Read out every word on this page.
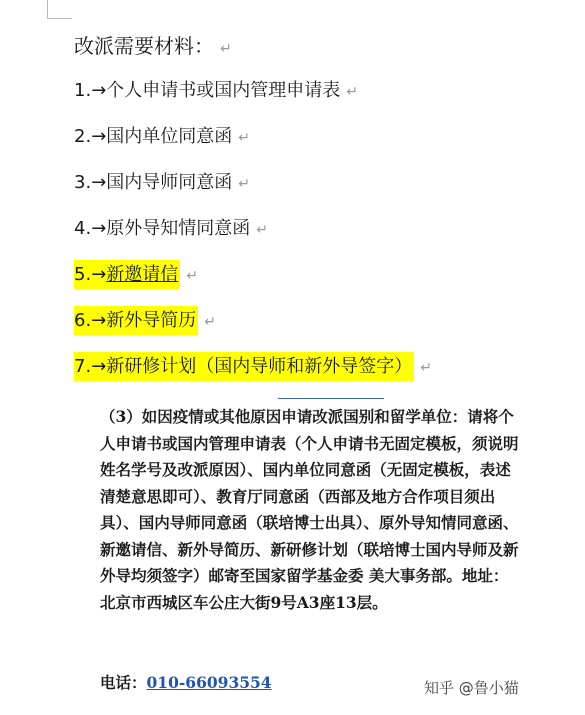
改派需要材料： ↵
1.→个人申请书或国内管理申请表 ↵
2.→国内单位同意函 ↵
3.→国内导师同意函 ↵
4.→原外导知情同意函 ↵
5.→新邀请信 ↵
6.→新外导简历 ↵
7.→新研修计划（国内导师和新外导签字） ↵
（3）如因疫情或其他原因申请改派国别和留学单位：请将个人申请书或国内管理申请表（个人申请书无固定模板，须说明姓名学号及改派原因）、国内单位同意函（无固定模板，表述清楚意思即可）、教育厅同意函（西部及地方合作项目须出具）、国内导师同意函（联培博士出具）、原外导知情同意函、新邀请信、新外导简历、新研修计划（联培博士国内导师及新外导均须签字）邮寄至国家留学基金委 美大事务部。地址：北京市西城区车公庄大街9号A3座13层。
电话：010-66093554	知乎 @鲁小猫
